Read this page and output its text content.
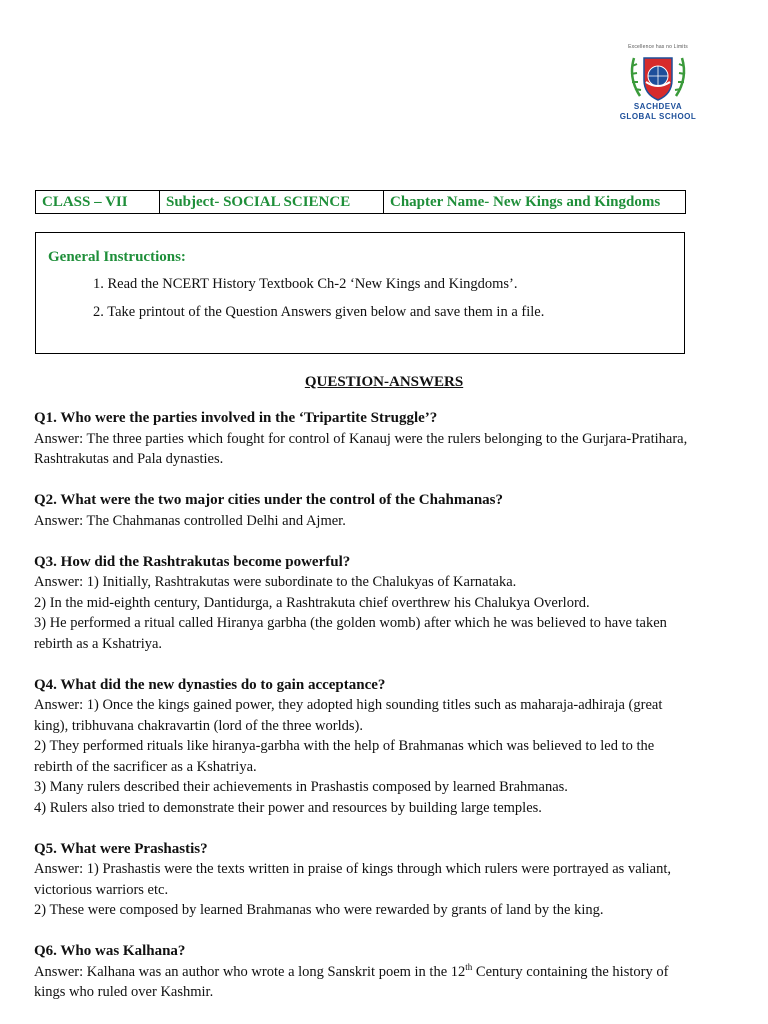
Excellence has no Limits
SACHDEVA
GLOBAL SCHOOL
CLASS – VII	Subject- SOCIAL SCIENCE	Chapter Name- New Kings and Kingdoms
General Instructions:
1. Read the NCERT History Textbook Ch-2 ‘New Kings and Kingdoms’.
2. Take printout of the Question Answers given below and save them in a file.
QUESTION-ANSWERS
Q1. Who were the parties involved in the ‘Tripartite Struggle’?
Answer: The three parties which fought for control of Kanauj were the rulers belonging to the Gurjara-Pratihara,
Rashtrakutas and Pala dynasties.
Q2. What were the two major cities under the control of the Chahmanas?
Answer: The Chahmanas controlled Delhi and Ajmer.
Q3. How did the Rashtrakutas become powerful?
Answer: 1) Initially, Rashtrakutas were subordinate to the Chalukyas of Karnataka.
2) In the mid-eighth century, Dantidurga, a Rashtrakuta chief overthrew his Chalukya Overlord.
3) He performed a ritual called Hiranya garbha (the golden womb) after which he was believed to have taken
rebirth as a Kshatriya.
Q4. What did the new dynasties do to gain acceptance?
Answer: 1) Once the kings gained power, they adopted high sounding titles such as maharaja-adhiraja (great
king), tribhuvana chakravartin (lord of the three worlds).
2) They performed rituals like hiranya-garbha with the help of Brahmanas which was believed to led to the
rebirth of the sacrificer as a Kshatriya.
3) Many rulers described their achievements in Prashastis composed by learned Brahmanas.
4) Rulers also tried to demonstrate their power and resources by building large temples.
Q5. What were Prashastis?
Answer: 1) Prashastis were the texts written in praise of kings through which rulers were portrayed as valiant,
victorious warriors etc.
2) These were composed by learned Brahmanas who were rewarded by grants of land by the king.
Q6. Who was Kalhana?
Answer: Kalhana was an author who wrote a long Sanskrit poem in the 12th Century containing the history of
kings who ruled over Kashmir.
